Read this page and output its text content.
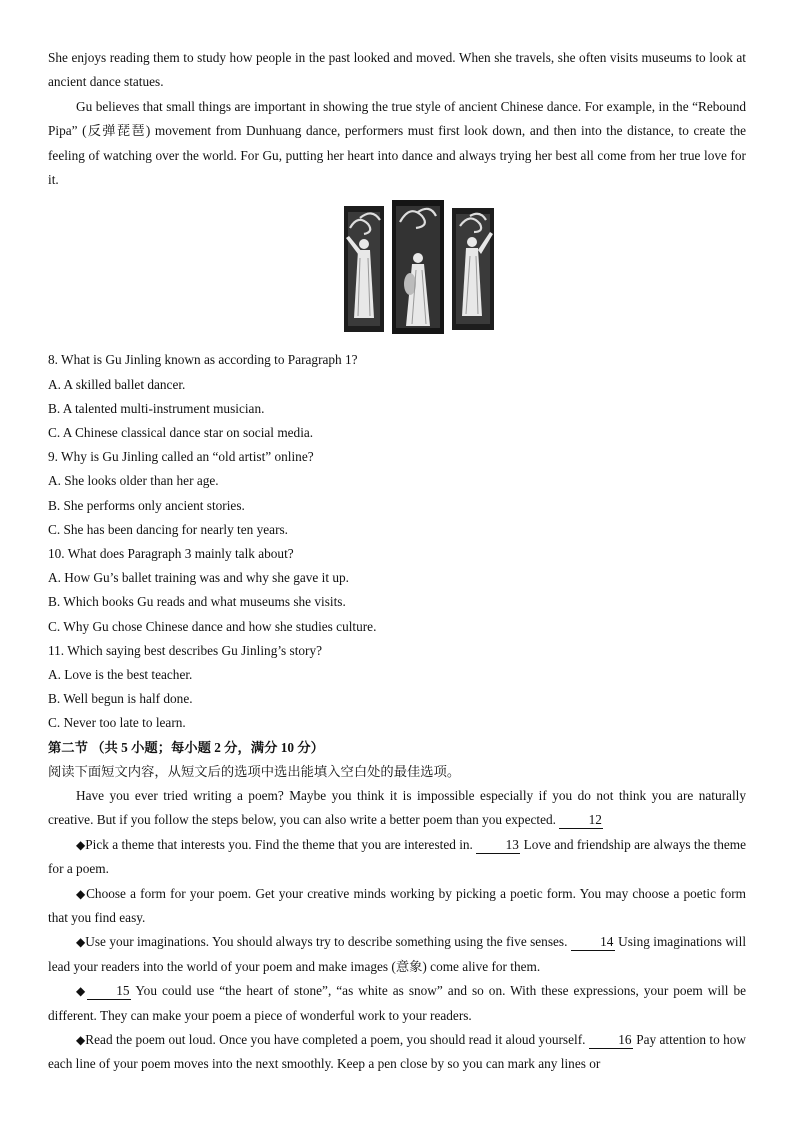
She enjoys reading them to study how people in the past looked and moved. When she travels, she often visits museums to look at ancient dance statues.

Gu believes that small things are important in showing the true style of ancient Chinese dance. For example, in the “Rebound Pipa” (反弹琵琶) movement from Dunhuang dance, performers must first look down, and then into the distance, to create the feeling of watching over the world. For Gu, putting her heart into dance and always trying her best all come from her true love for it.

8. What is Gu Jinling known as according to Paragraph 1?

A. A skilled ballet dancer.

B. A talented multi-instrument musician.

C. A Chinese classical dance star on social media.

9. Why is Gu Jinling called an “old artist” online?

A. She looks older than her age.

B. She performs only ancient stories.

C. She has been dancing for nearly ten years.

10. What does Paragraph 3 mainly talk about?

A. How Gu’s ballet training was and why she gave it up.

B. Which books Gu reads and what museums she visits.

C. Why Gu chose Chinese dance and how she studies culture.

11. Which saying best describes Gu Jinling’s story?

A. Love is the best teacher.

B. Well begun is half done.

C. Never too late to learn.

第二节 （共 5 小题；每小题 2 分，满分 10 分）

阅读下面短文内容，从短文后的选项中选出能填入空白处的最佳选项。

Have you ever tried writing a poem? Maybe you think it is impossible especially if you do not think you are naturally creative. But if you follow the steps below, you can also write a better poem than you expected. 12

◆ Pick a theme that interests you. Find the theme that you are interested in. 13 Love and friendship are always the theme for a poem.

◆ Choose a form for your poem. Get your creative minds working by picking a poetic form. You may choose a poetic form that you find easy.

◆ Use your imaginations. You should always try to describe something using the five senses. 14 Using imaginations will lead your readers into the world of your poem and make images (意象) come alive for them.

◆ 15 You could use “the heart of stone”, “as white as snow” and so on. With these expressions, your poem will be different. They can make your poem a piece of wonderful work to your readers.

◆ Read the poem out loud. Once you have completed a poem, you should read it aloud yourself. 16 Pay attention to how each line of your poem moves into the next smoothly. Keep a pen close by so you can mark any lines or
